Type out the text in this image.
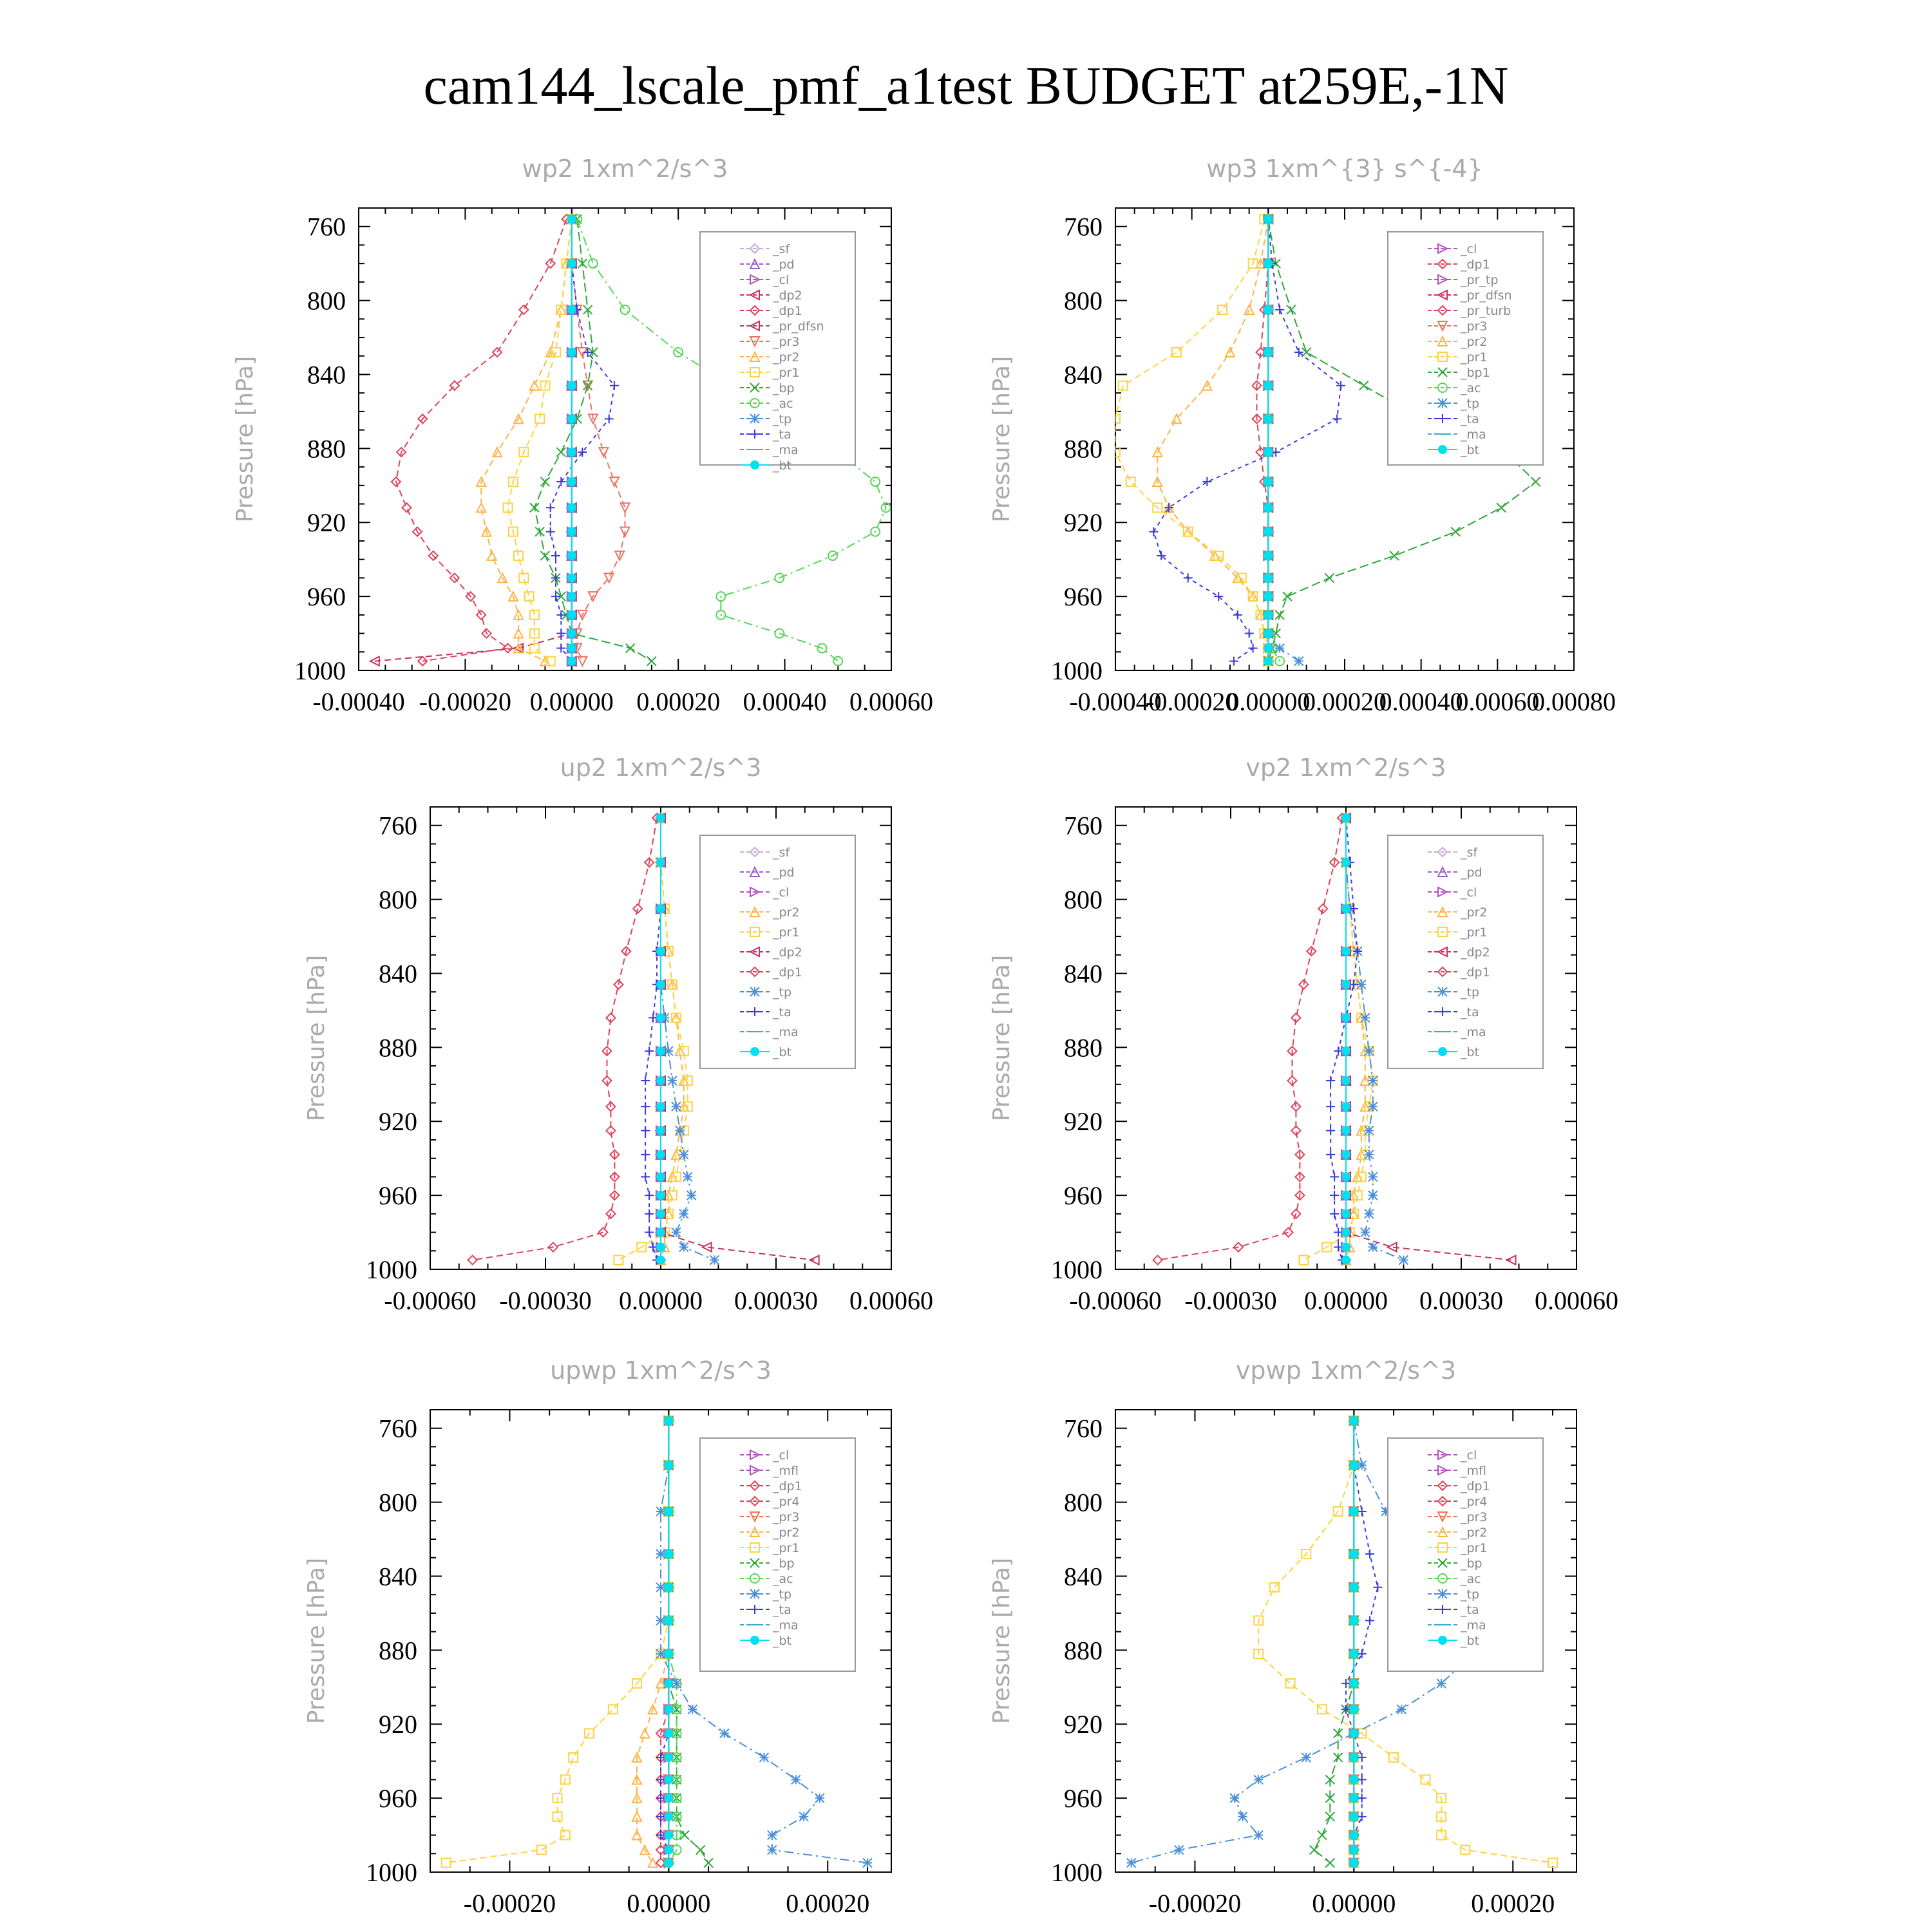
cam144_lscale_pmf_a1test BUDGET at259E,-1N
wp2 1xm^2/s^3
Pressure [hPa]
760
800
840
880
920
960
1000
-0.00040 -0.00020 0.00000 0.00020 0.00040 0.00060
_sf
_pd
_cl
_dp2
_dp1
_pr_dfsn
_pr3
_pr2
_pr1
_bp
_ac
_tp
_ta
_ma
_bt
wp3 1xm^{3} s^{-4}
Pressure [hPa]
760
800
840
880
920
960
1000
-0.00040
-0.00020
0.00000
0.00020
0.00040
0.00060
0.00080
_cl
_dp1
_pr_tp
_pr_dfsn
_pr_turb
_pr3
_pr2
_pr1
_bp1
_ac
_tp
_ta
_ma
_bt
up2 1xm^2/s^3
Pressure [hPa]
760
800
840
880
920
960
1000
-0.00060 -0.00030 0.00000 0.00030 0.00060
_sf
_pd
_cl
_pr2
_pr1
_dp2
_dp1
_tp
_ta
_ma
_bt
vp2 1xm^2/s^3
Pressure [hPa]
760
800
840
880
920
960
1000
-0.00060 -0.00030 0.00000 0.00030 0.00060
_sf
_pd
_cl
_pr2
_pr1
_dp2
_dp1
_tp
_ta
_ma
_bt
upwp 1xm^2/s^3
Pressure [hPa]
760
800
840
880
920
960
1000
-0.00020	0.00000	0.00020
_cl
_mfl
_dp1
_pr4
_pr3
_pr2
_pr1
_bp
_ac
_tp
_ta
_ma
_bt
vpwp 1xm^2/s^3
Pressure [hPa]
760
800
840
880
920
960
1000
-0.00020	0.00000	0.00020
_cl
_mfl
_dp1
_pr4
_pr3
_pr2
_pr1
_bp
_ac
_tp
_ta
_ma
_bt
